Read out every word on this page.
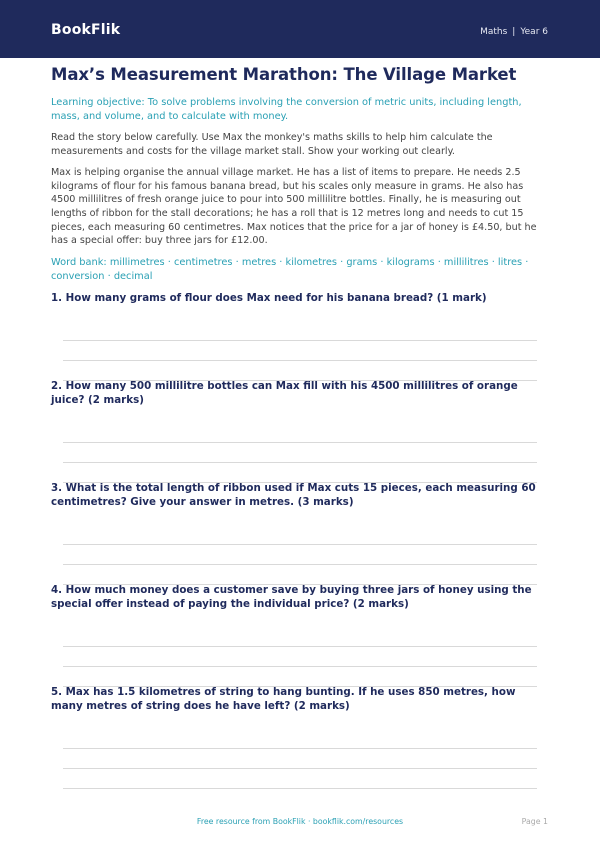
BookFlik	Maths | Year 6
Max’s Measurement Marathon: The Village Market
Learning objective: To solve problems involving the conversion of metric units, including length, mass, and volume, and to calculate with money.
Read the story below carefully. Use Max the monkey's maths skills to help him calculate the measurements and costs for the village market stall. Show your working out clearly.
Max is helping organise the annual village market. He has a list of items to prepare. He needs 2.5 kilograms of flour for his famous banana bread, but his scales only measure in grams. He also has 4500 millilitres of fresh orange juice to pour into 500 millilitre bottles. Finally, he is measuring out lengths of ribbon for the stall decorations; he has a roll that is 12 metres long and needs to cut 15 pieces, each measuring 60 centimetres. Max notices that the price for a jar of honey is £4.50, but he has a special offer: buy three jars for £12.00.
Word bank: millimetres · centimetres · metres · kilometres · grams · kilograms · millilitres · litres · conversion · decimal
1. How many grams of flour does Max need for his banana bread? (1 mark)
2. How many 500 millilitre bottles can Max fill with his 4500 millilitres of orange juice? (2 marks)
3. What is the total length of ribbon used if Max cuts 15 pieces, each measuring 60 centimetres? Give your answer in metres. (3 marks)
4. How much money does a customer save by buying three jars of honey using the special offer instead of paying the individual price? (2 marks)
5. Max has 1.5 kilometres of string to hang bunting. If he uses 850 metres, how many metres of string does he have left? (2 marks)
Free resource from BookFlik · bookflik.com/resources	Page 1
